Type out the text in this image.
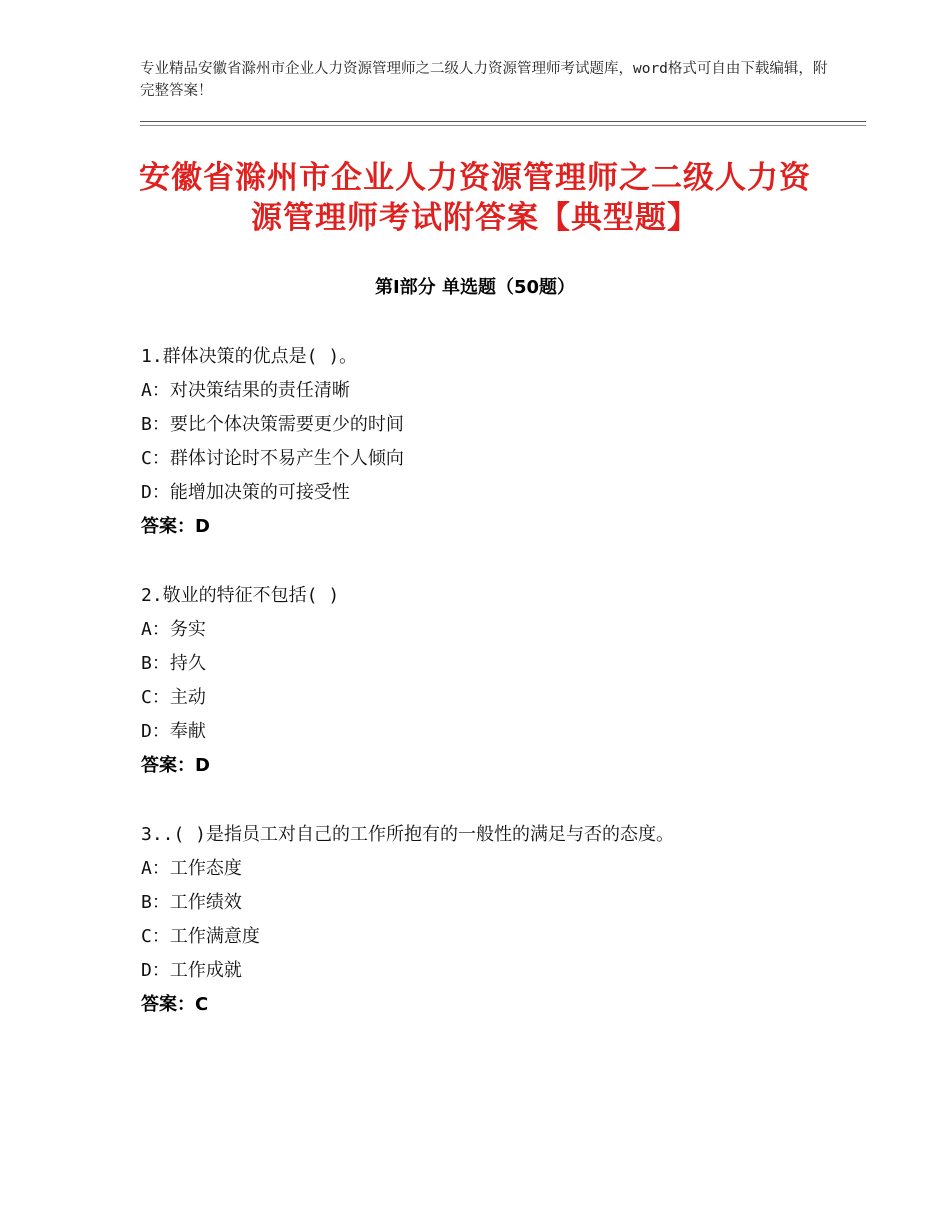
专业精品安徽省滁州市企业人力资源管理师之二级人力资源管理师考试题库，word格式可自由下载编辑，附完整答案！
安徽省滁州市企业人力资源管理师之二级人力资源管理师考试附答案【典型题】
第Ⅰ部分 单选题（50题）
1.群体决策的优点是( )。
A：对决策结果的责任清晰
B：要比个体决策需要更少的时间
C：群体讨论时不易产生个人倾向
D：能增加决策的可接受性
答案：D
2.敬业的特征不包括( )
A：务实
B：持久
C：主动
D：奉献
答案：D
3..( )是指员工对自己的工作所抱有的一般性的满足与否的态度。
A：工作态度
B：工作绩效
C：工作满意度
D：工作成就
答案：C
